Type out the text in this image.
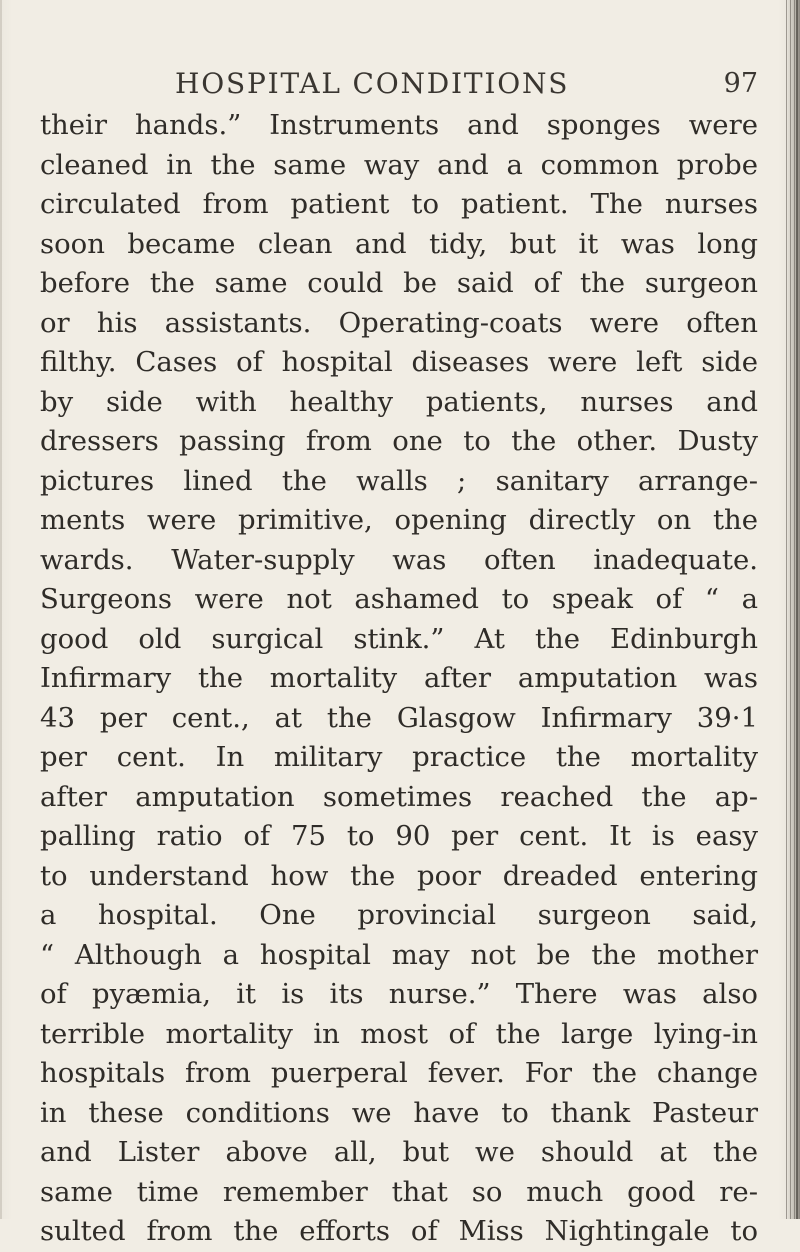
HOSPITAL CONDITIONS	97
their hands.” Instruments and sponges were
cleaned in the same way and a common probe
circulated from patient to patient. The nurses
soon became clean and tidy, but it was long
before the same could be said of the surgeon
or his assistants. Operating-coats were often
filthy. Cases of hospital diseases were left side
by side with healthy patients, nurses and
dressers passing from one to the other. Dusty
pictures lined the walls ; sanitary arrange-
ments were primitive, opening directly on the
wards. Water-supply was often inadequate.
Surgeons were not ashamed to speak of “ a
good old surgical stink.” At the Edinburgh
Infirmary the mortality after amputation was
43 per cent., at the Glasgow Infirmary 39·1
per cent. In military practice the mortality
after amputation sometimes reached the ap-
palling ratio of 75 to 90 per cent. It is easy
to understand how the poor dreaded entering
a hospital. One provincial surgeon said,
“ Although a hospital may not be the mother
of pyæmia, it is its nurse.” There was also
terrible mortality in most of the large lying-in
hospitals from puerperal fever. For the change
in these conditions we have to thank Pasteur
and Lister above all, but we should at the
same time remember that so much good re-
sulted from the efforts of Miss Nightingale to
